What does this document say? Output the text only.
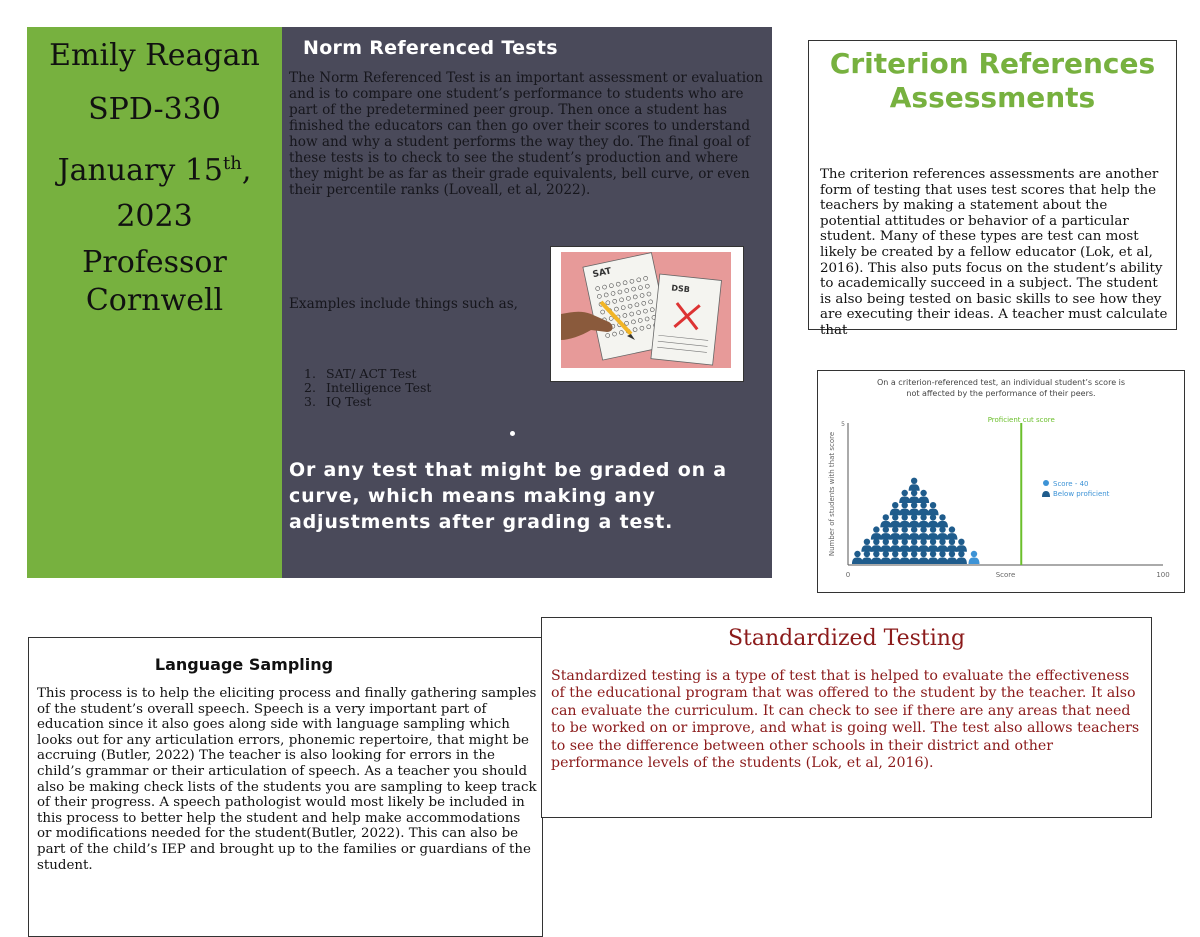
Emily Reagan
SPD-330
January 15th,
2023
Professor Cornwell
Norm Referenced Tests

The Norm Referenced Test is an important assessment or evaluation and is to compare one student’s performance to students who are part of the predetermined peer group. Then once a student has finished the educators can then go over their scores to understand how and why a student performs the way they do. The final goal of these tests is to check to see the student’s production and where they might be as far as their grade equivalents, bell curve, or even their percentile ranks (Loveall, et al, 2022).

Examples include things such as,
1. SAT/ ACT Test
2. Intelligence Test
3. IQ Test

Or any test that might be graded on a curve, which means making any adjustments after grading a test.

SAT
DSB
Criterion References Assessments

The criterion references assessments are another form of testing that uses test scores that help the teachers by making a statement about the potential attitudes or behavior of a particular student. Many of these types are test can most likely be created by a fellow educator (Lok, et al, 2016). This also puts focus on the student’s ability to academically succeed in a subject. The student is also being tested on basic skills to see how they are executing their ideas. A teacher must calculate that

On a criterion-referenced test, an individual student’s score is
not affected by the performance of their peers.
0	100
Score
5
Number of students with that score
Proficient cut score
Score - 40
Below proficient
Language Sampling

This process is to help the eliciting process and finally gathering samples of the student’s overall speech. Speech is a very important part of education since it also goes along side with language sampling which looks out for any articulation errors, phonemic repertoire, that might be accruing (Butler, 2022) The teacher is also looking for errors in the child’s grammar or their articulation of speech. As a teacher you should also be making check lists of the students you are sampling to keep track of their progress. A speech pathologist would most likely be included in this process to better help the student and help make accommodations or modifications needed for the student(Butler, 2022). This can also be part of the child’s IEP and brought up to the families or guardians of the student.

Standardized Testing

Standardized testing is a type of test that is helped to evaluate the effectiveness of the educational program that was offered to the student by the teacher. It also can evaluate the curriculum. It can check to see if there are any areas that need to be worked on or improve, and what is going well. The test also allows teachers to see the difference between other schools in their district and other performance levels of the students (Lok, et al, 2016).
